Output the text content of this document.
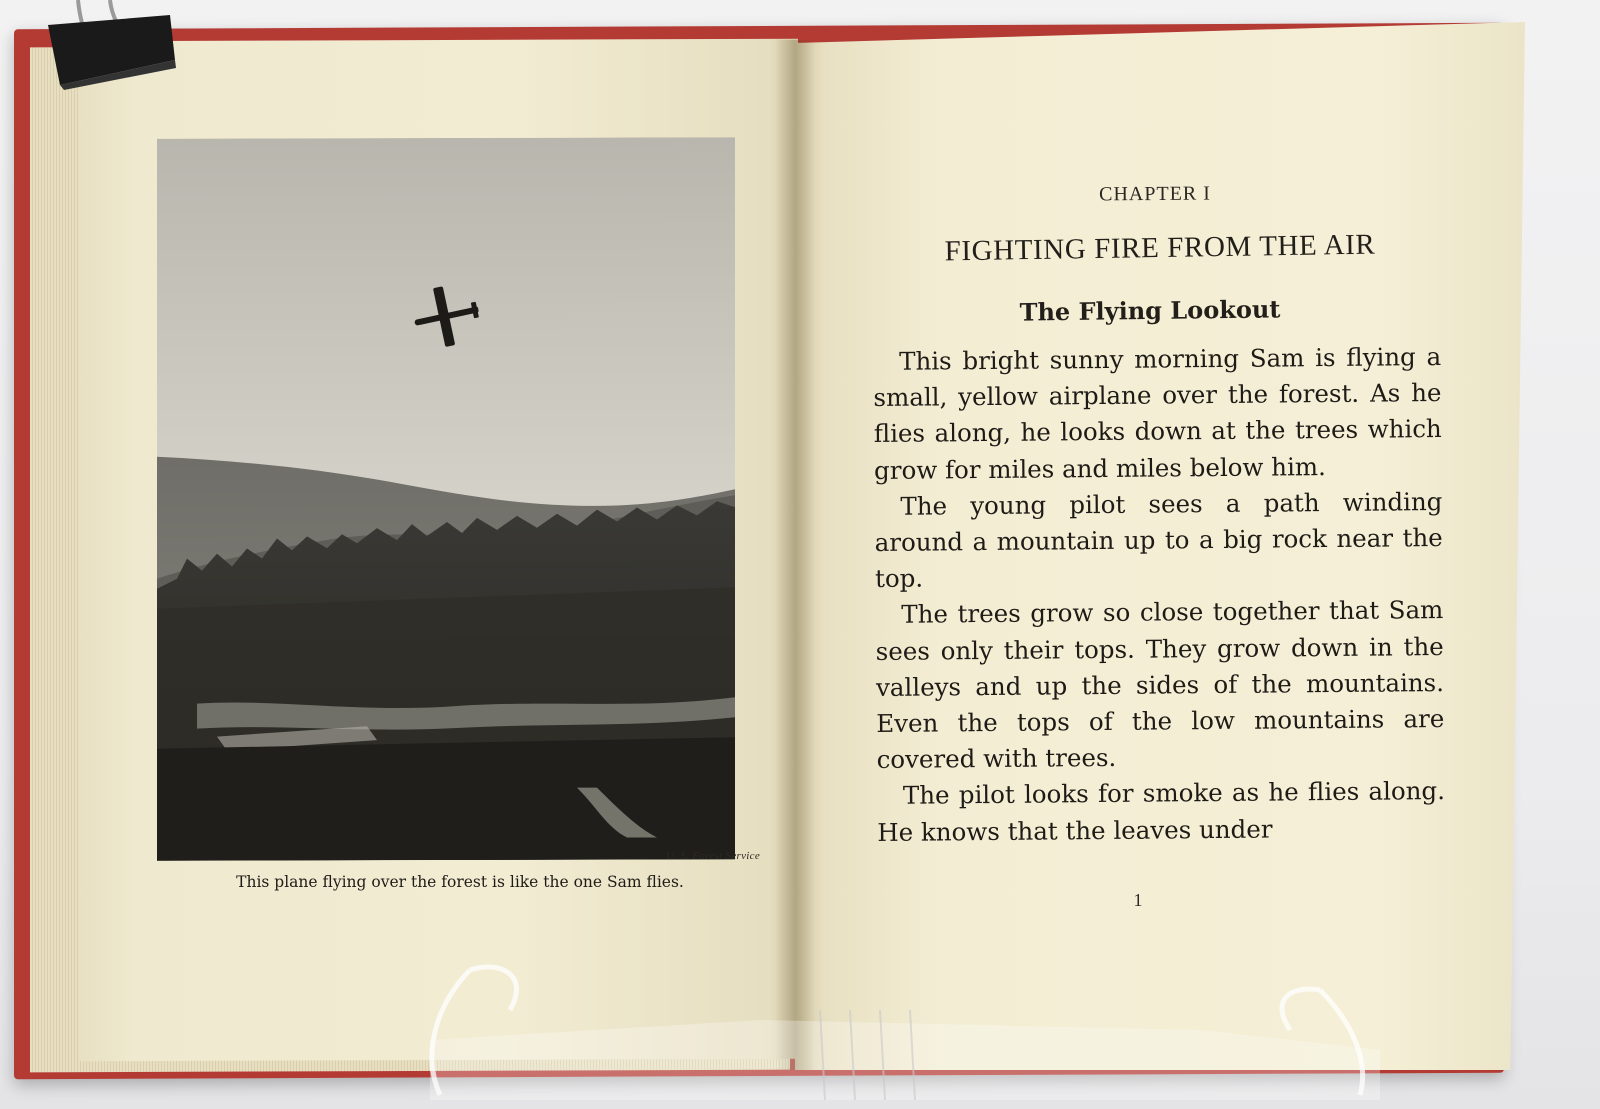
U. S. Forest Service
This plane flying over the forest is like the one Sam flies.
CHAPTER I
FIGHTING FIRE FROM THE AIR
The Flying Lookout

This bright sunny morning Sam is flying a small, yellow airplane over the forest. As he flies along, he looks down at the trees which grow for miles and miles below him.

The young pilot sees a path winding around a mountain up to a big rock near the top.

The trees grow so close together that Sam sees only their tops. They grow down in the valleys and up the sides of the mountains. Even the tops of the low mountains are covered with trees.

The pilot looks for smoke as he flies along. He knows that the leaves under

1
